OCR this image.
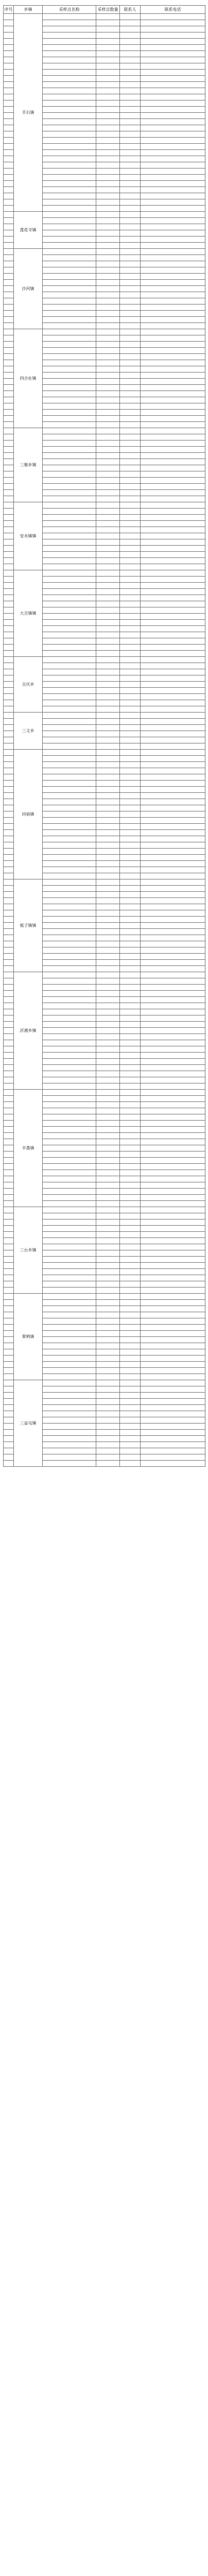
序号	乡镇	采样点名称	采样点数量	联系人	联系电话
	羊石镇				

	莲花寺镇				

	沙河镇				

	四合社镇				

	三聚乡镇				

	安水镇镇				

	大吉镇镇				

	吉庆乡				

	三义乡				

	同裕镇				

	板子镇镇				

	沂湘乡镇				

	半墨镇				

	三台乡镇				

	翠鸦镇				

	三益屯镇				
